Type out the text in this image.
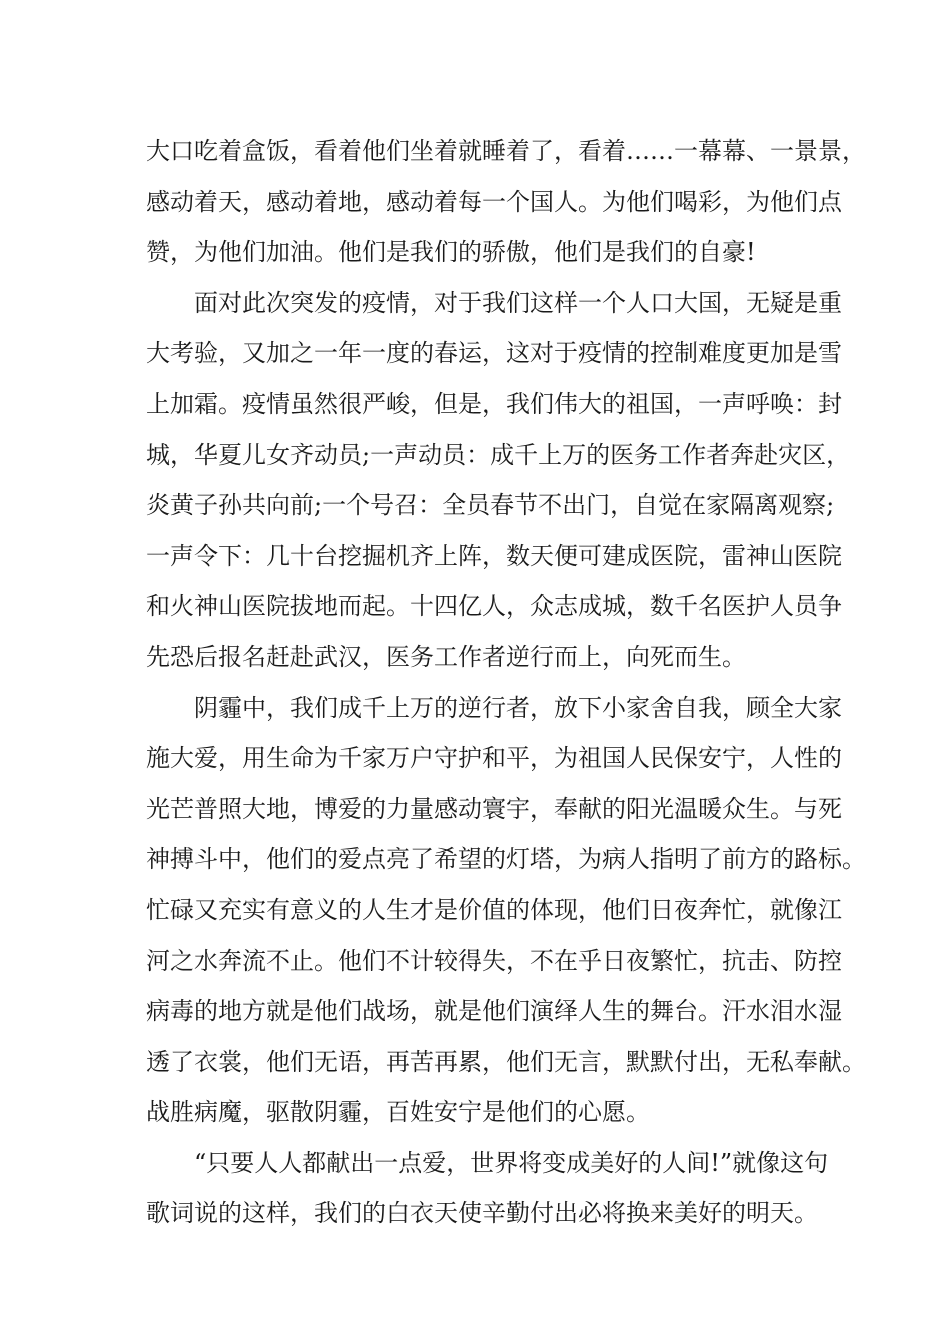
大口吃着盒饭，看着他们坐着就睡着了，看着……一幕幕、一景景，
感动着天，感动着地，感动着每一个国人。为他们喝彩，为他们点
赞，为他们加油。他们是我们的骄傲，他们是我们的自豪!
面对此次突发的疫情，对于我们这样一个人口大国，无疑是重
大考验，又加之一年一度的春运，这对于疫情的控制难度更加是雪
上加霜。疫情虽然很严峻，但是，我们伟大的祖国，一声呼唤：封
城，华夏儿女齐动员;一声动员：成千上万的医务工作者奔赴灾区，
炎黄子孙共向前;一个号召：全员春节不出门，自觉在家隔离观察;
一声令下：几十台挖掘机齐上阵，数天便可建成医院，雷神山医院
和火神山医院拔地而起。十四亿人，众志成城，数千名医护人员争
先恐后报名赶赴武汉，医务工作者逆行而上，向死而生。
阴霾中，我们成千上万的逆行者，放下小家舍自我，顾全大家
施大爱，用生命为千家万户守护和平，为祖国人民保安宁，人性的
光芒普照大地，博爱的力量感动寰宇，奉献的阳光温暖众生。与死
神搏斗中，他们的爱点亮了希望的灯塔，为病人指明了前方的路标。
忙碌又充实有意义的人生才是价值的体现，他们日夜奔忙，就像江
河之水奔流不止。他们不计较得失，不在乎日夜繁忙，抗击、防控
病毒的地方就是他们战场，就是他们演绎人生的舞台。汗水泪水湿
透了衣裳，他们无语，再苦再累，他们无言，默默付出，无私奉献。
战胜病魔，驱散阴霾，百姓安宁是他们的心愿。
“只要人人都献出一点爱，世界将变成美好的人间!”就像这句
歌词说的这样，我们的白衣天使辛勤付出必将换来美好的明天。
